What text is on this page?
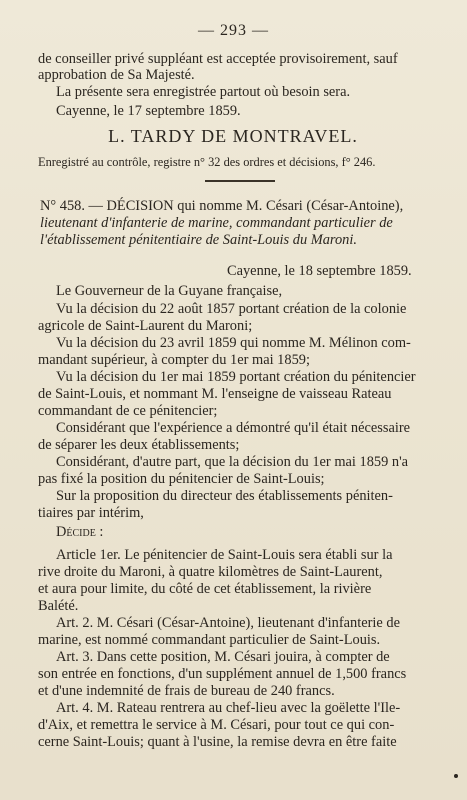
— 293 —
de conseiller privé suppléant est acceptée provisoirement, sauf
approbation de Sa Majesté.
La présente sera enregistrée partout où besoin sera.
Cayenne, le 17 septembre 1859.
L. TARDY DE MONTRAVEL.
Enregistré au contrôle, registre n° 32 des ordres et décisions, f° 246.
N° 458. — DÉCISION qui nomme M. Césari (César-Antoine),
lieutenant d'infanterie de marine, commandant particulier de
l'établissement pénitentiaire de Saint-Louis du Maroni.
Cayenne, le 18 septembre 1859.
Le Gouverneur de la Guyane française,
Vu la décision du 22 août 1857 portant création de la colonie
agricole de Saint-Laurent du Maroni;
Vu la décision du 23 avril 1859 qui nomme M. Mélinon com-
mandant supérieur, à compter du 1er mai 1859;
Vu la décision du 1er mai 1859 portant création du pénitencier
de Saint-Louis, et nommant M. l'enseigne de vaisseau Rateau
commandant de ce pénitencier;
Considérant que l'expérience a démontré qu'il était nécessaire
de séparer les deux établissements;
Considérant, d'autre part, que la décision du 1er mai 1859 n'a
pas fixé la position du pénitencier de Saint-Louis;
Sur la proposition du directeur des établissements péniten-
tiaires par intérim,
Décide :
Article 1er. Le pénitencier de Saint-Louis sera établi sur la
rive droite du Maroni, à quatre kilomètres de Saint-Laurent,
et aura pour limite, du côté de cet établissement, la rivière
Balété.
Art. 2. M. Césari (César-Antoine), lieutenant d'infanterie de
marine, est nommé commandant particulier de Saint-Louis.
Art. 3. Dans cette position, M. Césari jouira, à compter de
son entrée en fonctions, d'un supplément annuel de 1,500 francs
et d'une indemnité de frais de bureau de 240 francs.
Art. 4. M. Rateau rentrera au chef-lieu avec la goëlette l'Ile-
d'Aix, et remettra le service à M. Césari, pour tout ce qui con-
cerne Saint-Louis; quant à l'usine, la remise devra en être faite
